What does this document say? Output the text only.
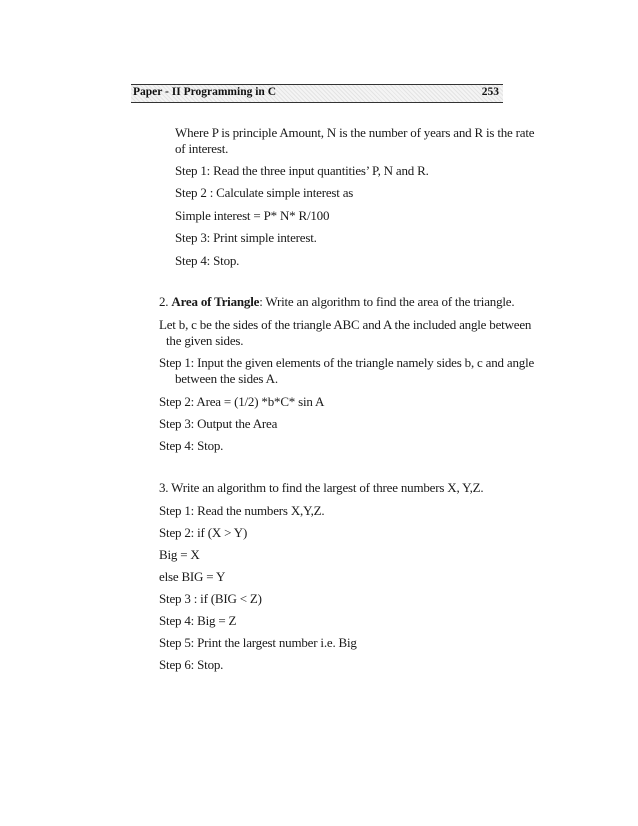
Paper - II Programming in C	253
Where P is principle Amount, N is the number of years and R is the rate
of interest.
Step 1: Read the three input quantities’ P, N and R.
Step 2 : Calculate simple interest as
Simple interest = P* N* R/100
Step 3: Print simple interest.
Step 4: Stop.
2. Area of Triangle: Write an algorithm to find the area of the triangle.
Let b, c be the sides of the triangle ABC and A the included angle between
the given sides.
Step 1: Input the given elements of the triangle namely sides b, c and angle
between the sides A.
Step 2: Area = (1/2) *b*C* sin A
Step 3: Output the Area
Step 4: Stop.
3. Write an algorithm to find the largest of three numbers X, Y,Z.
Step 1: Read the numbers X,Y,Z.
Step 2: if (X > Y)
Big = X
else BIG = Y
Step 3 : if (BIG < Z)
Step 4: Big = Z
Step 5: Print the largest number i.e. Big
Step 6: Stop.
